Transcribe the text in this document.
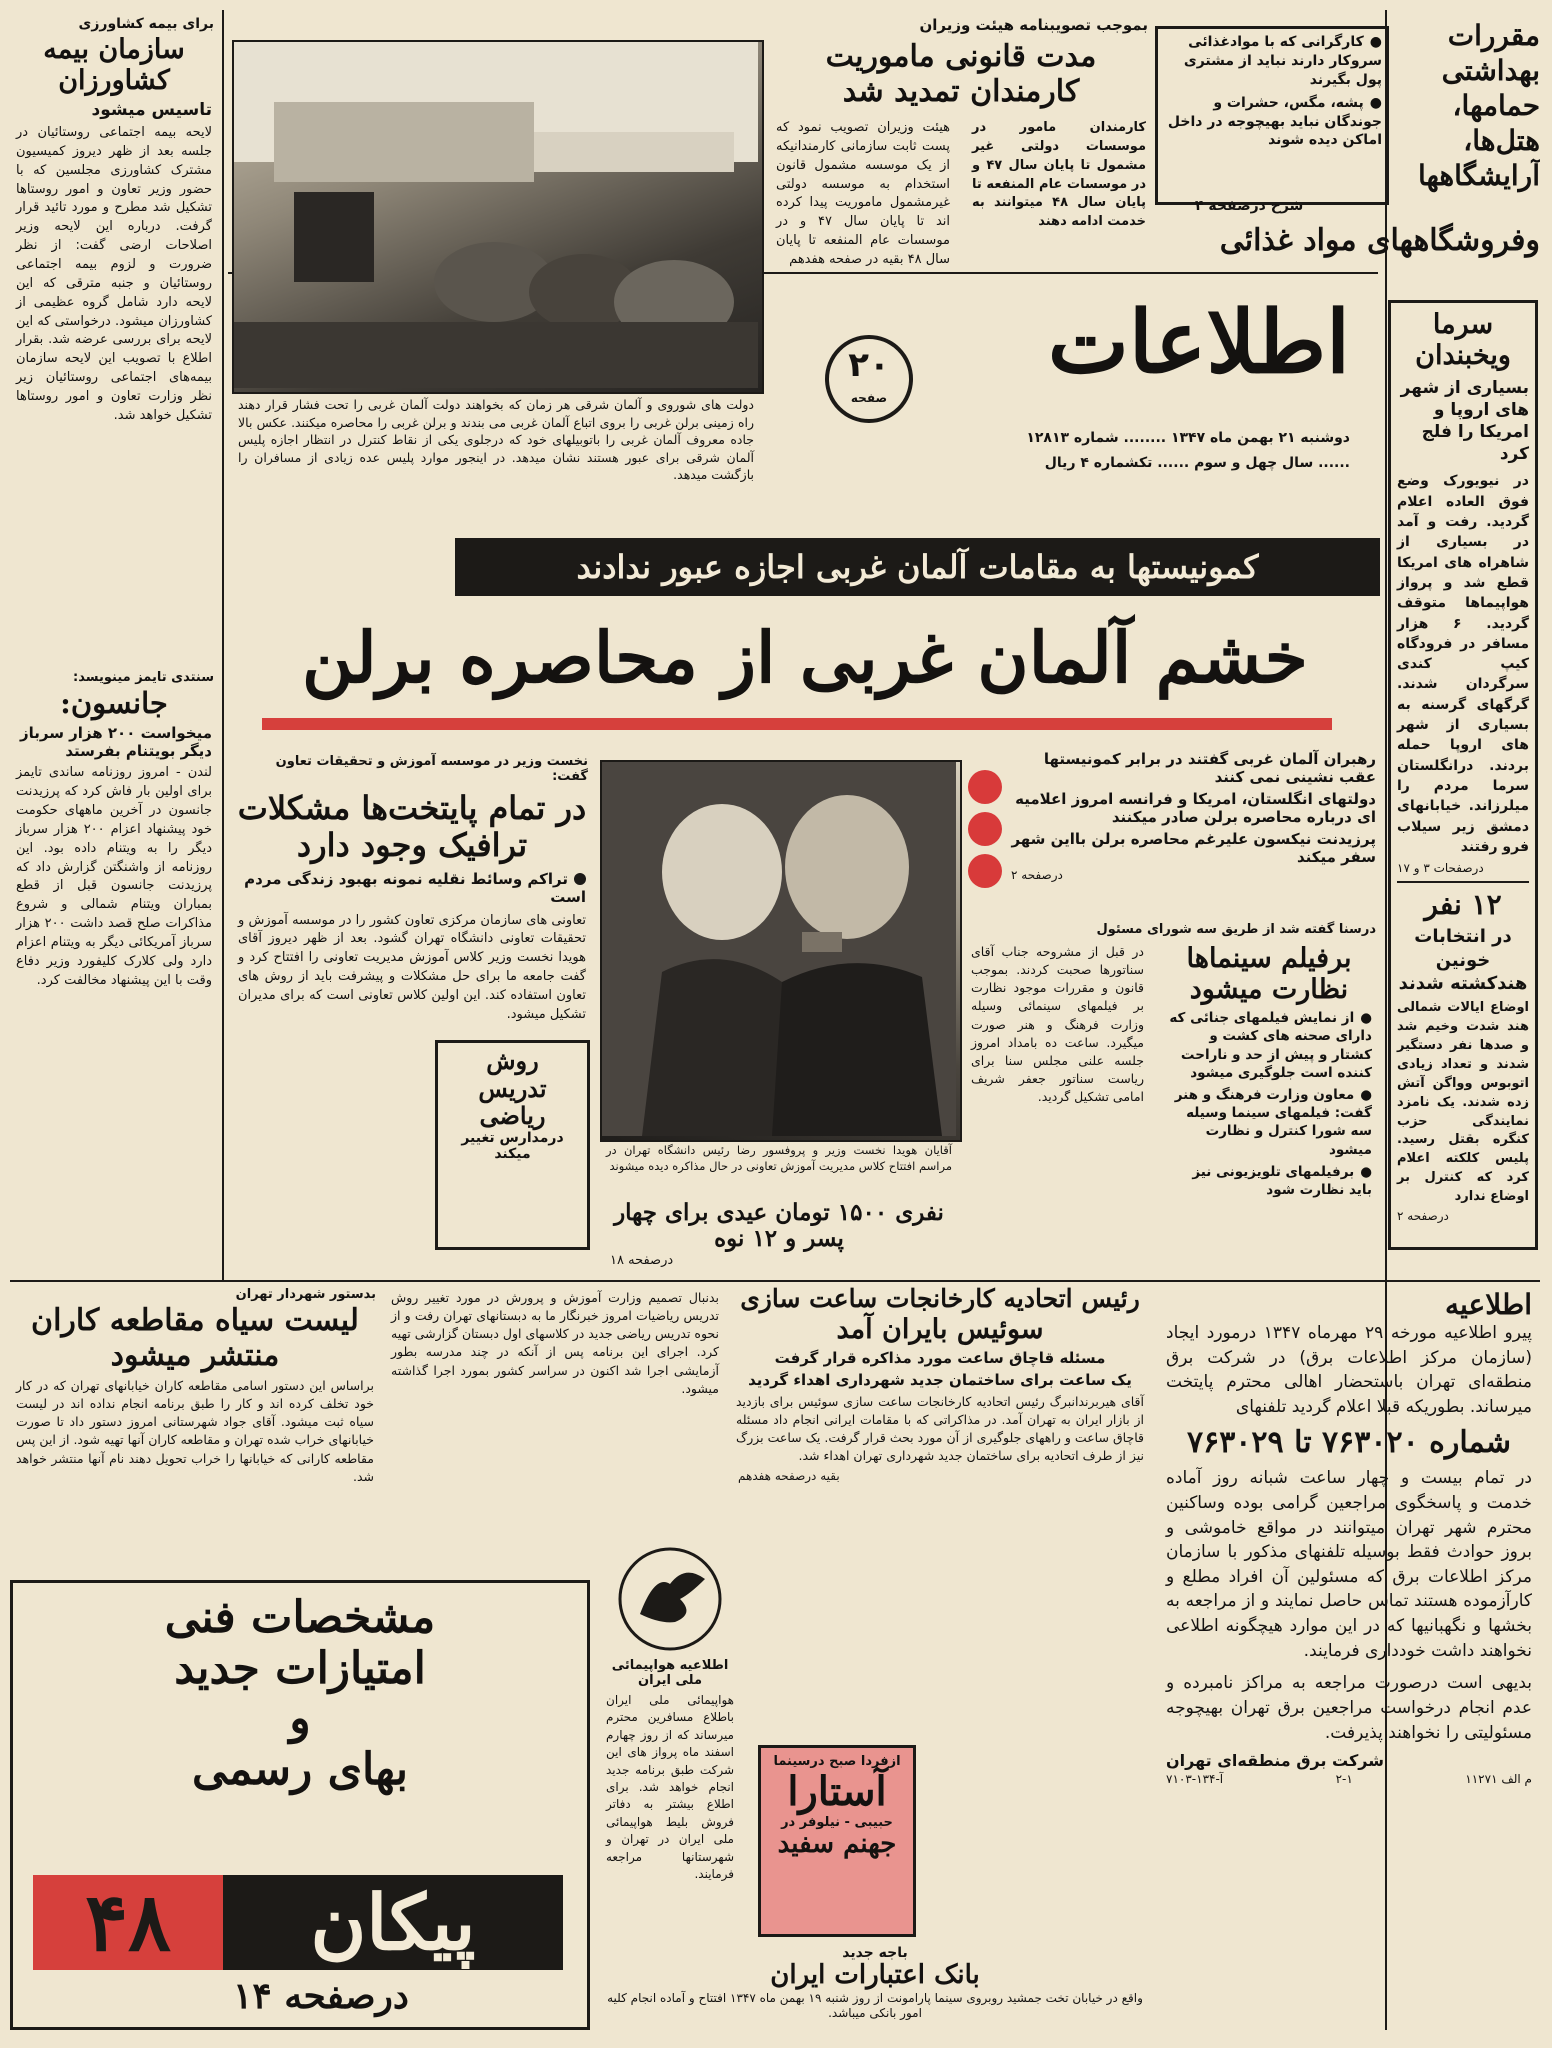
مقررات بهداشتی حمامها، هتل‌ها، آرایشگاهها
● کارگرانی که با موادغذائی سروکار دارند نباید از مشتری پول بگیرند
● پشه، مگس، حشرات و جوندگان نباید بهیچوجه در داخل اماکن دیده شوند
شرح درصفحه ۴
وفروشگاههای مواد غذائی
بموجب تصویبنامه هیئت وزیران
مدت قانونی ماموریت کارمندان تمدید شد
کارمندان مامور در موسسات دولتی غیر مشمول تا پایان سال ۴۷ و در موسسات عام المنفعه تا پایان سال ۴۸ میتوانند به خدمت ادامه دهند
هیئت وزیران تصویب نمود که پست ثابت سازمانی کارمندانیکه از یک موسسه مشمول قانون استخدام به موسسه دولتی غیرمشمول ماموریت پیدا کرده اند تا پایان سال ۴۷ و در موسسات عام المنفعه تا پایان سال ۴۸ بقیه در صفحه هفدهم
برای بیمه کشاورزی
سازمان بیمه کشاورزان
تاسیس میشود
لایحه بیمه اجتماعی روستائیان در جلسه بعد از ظهر دیروز کمیسیون مشترک کشاورزی مجلسین که با حضور وزیر تعاون و امور روستاها تشکیل شد مطرح و مورد تائید قرار گرفت. درباره این لایحه وزیر اصلاحات ارضی گفت: از نظر ضرورت و لزوم بیمه اجتماعی روستائیان و جنبه مترقی که این لایحه دارد شامل گروه عظیمی از کشاورزان میشود. درخواستی که این لایحه برای بررسی عرضه شد. بقرار اطلاع با تصویب این لایحه سازمان بیمه‌های اجتماعی روستائیان زیر نظر وزارت تعاون و امور روستاها تشکیل خواهد شد.
دولت های شوروی و آلمان شرقی هر زمان که بخواهند دولت آلمان غربی را تحت فشار قرار دهند راه زمینی برلن غربی را بروی اتباع آلمان غربی می بندند و برلن غربی را محاصره میکنند. عکس بالا جاده معروف آلمان غربی را باتوبیلهای خود که درجلوی یکی از نقاط کنترل در انتظار اجازه پلیس آلمان شرقی برای عبور هستند نشان میدهد. در اینجور موارد پلیس عده زیادی از مسافران را بازگشت میدهد.
اطلاعات
۲۰
صفحه
دوشنبه ۲۱ بهمن ماه ۱۳۴۷ ........ شماره ۱۲۸۱۳
...... سال چهل و سوم ...... تکشماره ۴ ریال
سرما ویخبندان
بسیاری از شهر های اروپا و امریکا را فلج کرد
در نیویورک وضع فوق العاده اعلام گردید. رفت و آمد در بسیاری از شاهراه های امریکا قطع شد و پرواز هواپیماها متوقف گردید. ۶ هزار مسافر در فرودگاه کیپ کندی سرگردان شدند. گرگهای گرسنه به بسیاری از شهر های اروپا حمله بردند. درانگلستان سرما مردم را میلرزاند. خیابانهای دمشق زیر سیلاب فرو رفتند
درصفحات ۳ و ۱۷
۱۲ نفر
در انتخابات خونین هندکشته شدند
اوضاع ایالات شمالی هند شدت وخیم شد و صدها نفر دستگیر شدند و تعداد زیادی اتوبوس وواگن آتش زده شدند. یک نامزد نمایندگی حزب کنگره بقتل رسید. پلیس کلکته اعلام کرد که کنترل بر اوضاع ندارد
درصفحه ۲
کمونیستها به مقامات آلمان غربی اجازه عبور ندادند
خشم آلمان غربی از محاصره برلن
سنتدی تایمز مینویسد:
جانسون:
میخواست ۲۰۰ هزار سرباز دیگر بویتنام بفرستد
لندن - امروز روزنامه ساندی تایمز برای اولین بار فاش کرد که پرزیدنت جانسون در آخرین ماههای حکومت خود پیشنهاد اعزام ۲۰۰ هزار سرباز دیگر را به ویتنام داده بود. این روزنامه از واشنگتن گزارش داد که پرزیدنت جانسون قبل از قطع بمباران ویتنام شمالی و شروع مذاکرات صلح قصد داشت ۲۰۰ هزار سرباز آمریکائی دیگر به ویتنام اعزام دارد ولی کلارک کلیفورد وزیر دفاع وقت با این پیشنهاد مخالفت کرد.
رهبران آلمان غربی گفتند در برابر کمونیستها عقب نشینی نمی کنند
دولتهای انگلستان، امریکا و فرانسه امروز اعلامیه ای درباره محاصره برلن صادر میکنند
پرزیدنت نیکسون علیرغم محاصره برلن بااین شهر سفر میکند
درصفحه ۲
درسنا گفته شد از طریق سه شورای مسئول
برفیلم سینماها نظارت میشود
● از نمایش فیلمهای جنائی که دارای صحنه های کشت و کشتار و پیش از حد و ناراحت کننده است جلوگیری میشود
● معاون وزارت فرهنگ و هنر گفت: فیلمهای سینما وسیله سه شورا کنترل و نظارت میشود
● برفیلمهای تلویزیونی نیز باید نظارت شود
در قبل از مشروحه جناب آقای سناتورها صحبت کردند. بموجب قانون و مقررات موجود نظارت بر فیلمهای سینمائی وسیله وزارت فرهنگ و هنر صورت میگیرد. ساعت ده بامداد امروز جلسه علنی مجلس سنا برای ریاست سناتور جعفر شریف امامی تشکیل گردید.
نخست وزیر در موسسه آموزش و تحقیقات تعاون گفت:
در تمام پایتخت‌ها مشکلات ترافیک وجود دارد
تراکم وسائط نقلیه نمونه بهبود زندگی مردم است
تعاونی های سازمان مرکزی تعاون کشور را در موسسه آموزش و تحقیقات تعاونی دانشگاه تهران گشود. بعد از ظهر دیروز آقای هویدا نخست وزیر کلاس آموزش مدیریت تعاونی را افتتاح کرد و گفت جامعه ما برای حل مشکلات و پیشرفت باید از روش های تعاون استفاده کند. این اولین کلاس تعاونی است که برای مدیران تشکیل میشود.
آقایان هویدا نخست وزیر و پروفسور رضا رئیس دانشگاه تهران در مراسم افتتاح کلاس مدیریت آموزش تعاونی در حال مذاکره دیده میشوند
نفری ۱۵۰۰ تومان عیدی برای چهار پسر و ۱۲ نوه
درصفحه ۱۸
روش
تدریس
ریاضی
درمدارس تغییر میکند
بدستور شهردار تهران
لیست سیاه مقاطعه کاران منتشر میشود
براساس این دستور اسامی مقاطعه کاران خیابانهای تهران که در کار خود تخلف کرده اند و کار را طبق برنامه انجام نداده اند در لیست سیاه ثبت میشود. آقای جواد شهرستانی امروز دستور داد تا صورت خیابانهای خراب شده تهران و مقاطعه کاران آنها تهیه شود. از این پس مقاطعه کارانی که خیابانها را خراب تحویل دهند نام آنها منتشر خواهد شد.
بدنبال تصمیم وزارت آموزش و پرورش در مورد تغییر روش تدریس ریاضیات امروز خبرنگار ما به دبستانهای تهران رفت و از نحوه تدریس ریاضی جدید در کلاسهای اول دبستان گزارشی تهیه کرد. اجرای این برنامه پس از آنکه در چند مدرسه بطور آزمایشی اجرا شد اکنون در سراسر کشور بمورد اجرا گذاشته میشود.
رئیس اتحادیه کارخانجات ساعت سازی
سوئیس بایران آمد
مسئله قاچاق ساعت مورد مذاکره قرار گرفت
یک ساعت برای ساختمان جدید شهرداری اهداء گردید
آقای هیربرندانبرگ رئیس اتحادیه کارخانجات ساعت سازی سوئیس برای بازدید از بازار ایران به تهران آمد. در مذاکراتی که با مقامات ایرانی انجام داد مسئله قاچاق ساعت و راههای جلوگیری از آن مورد بحث قرار گرفت. یک ساعت بزرگ نیز از طرف اتحادیه برای ساختمان جدید شهرداری تهران اهداء شد.
بقیه درصفحه هفدهم
اطلاعیه هواپیمائی ملی ایران
هواپیمائی ملی ایران باطلاع مسافرین محترم میرساند که از روز چهارم اسفند ماه پرواز های این شرکت طبق برنامه جدید انجام خواهد شد. برای اطلاع بیشتر به دفاتر فروش بلیط هواپیمائی ملی ایران در تهران و شهرستانها مراجعه فرمایند.
ازفردا صبح درسینما
آستارا
حبیبی - نیلوفر در
جهنم سفید
باجه جدید
بانک اعتبارات ایران
واقع در خیابان تخت جمشید روبروی سینما پارامونت از روز شنبه ۱۹ بهمن ماه ۱۳۴۷ افتتاح و آماده انجام کلیه امور بانکی میباشد.
مشخصات فنی
امتیازات جدید
و
بهای رسمی
۴۸	پیکان
درصفحه ۱۴
اطلاعیه
پیرو اطلاعیه مورخه ۲۹ مهرماه ۱۳۴۷ درمورد ایجاد (سازمان مرکز اطلاعات برق) در شرکت برق منطقه‌ای تهران باستحضار اهالی محترم پایتخت میرساند. بطوریکه قبلا اعلام گردید تلفنهای
شماره ۷۶۳۰۲۰ تا ۷۶۳۰۲۹
در تمام بیست و چهار ساعت شبانه روز آماده خدمت و پاسخگوی مراجعین گرامی بوده وساکنین محترم شهر تهران میتوانند در مواقع خاموشی و بروز حوادث فقط بوسیله تلفنهای مذکور با سازمان مرکز اطلاعات برق که مسئولین آن افراد مطلع و کارآزموده هستند تماس حاصل نمایند و از مراجعه به بخشها و نگهبانیها که در این موارد هیچگونه اطلاعی نخواهند داشت خودداری فرمایند.
بدیهی است درصورت مراجعه به مراکز نامبرده و عدم انجام درخواست مراجعین برق تهران بهیچوجه مسئولیتی را نخواهند پذیرفت.
شرکت برق منطقه‌ای تهران
م الف ۱۱۲۷۱
۲-۱
آ-۱۳۴-۷۱۰۳
